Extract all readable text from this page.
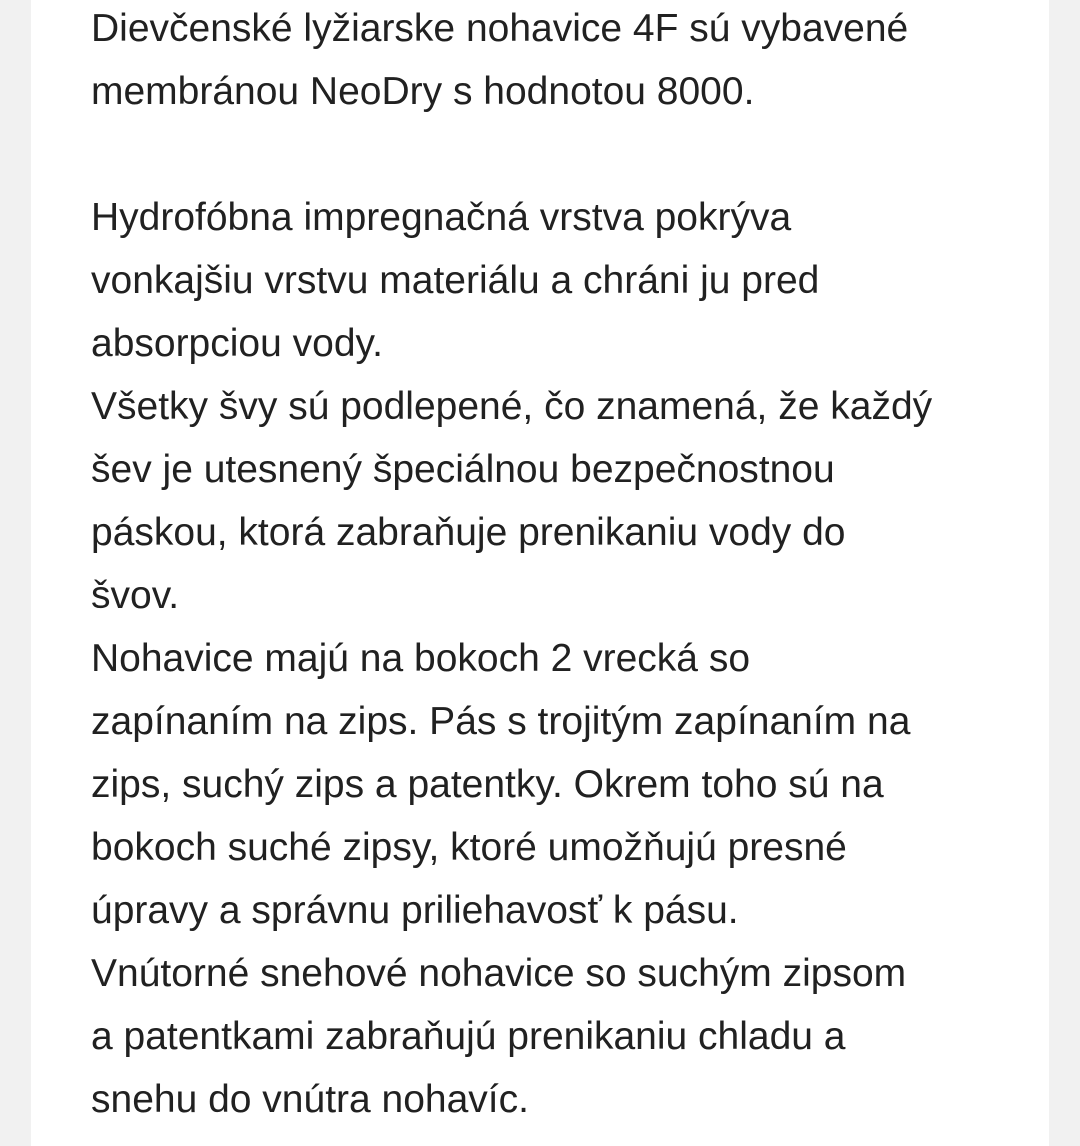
Dievčenské lyžiarske nohavice 4F sú vybavené
membránou NeoDry s hodnotou 8000.
Hydrofóbna impregnačná vrstva pokrýva
vonkajšiu vrstvu materiálu a chráni ju pred
absorpciou vody.
Všetky švy sú podlepené, čo znamená, že každý
šev je utesnený špeciálnou bezpečnostnou
páskou, ktorá zabraňuje prenikaniu vody do
švov.
Nohavice majú na bokoch 2 vrecká so
zapínaním na zips. Pás s trojitým zapínaním na
zips, suchý zips a patentky. Okrem toho sú na
bokoch suché zipsy, ktoré umožňujú presné
úpravy a správnu priliehavosť k pásu.
Vnútorné snehové nohavice so suchým zipsom
a patentkami zabraňujú prenikaniu chladu a
snehu do vnútra nohavíc.
